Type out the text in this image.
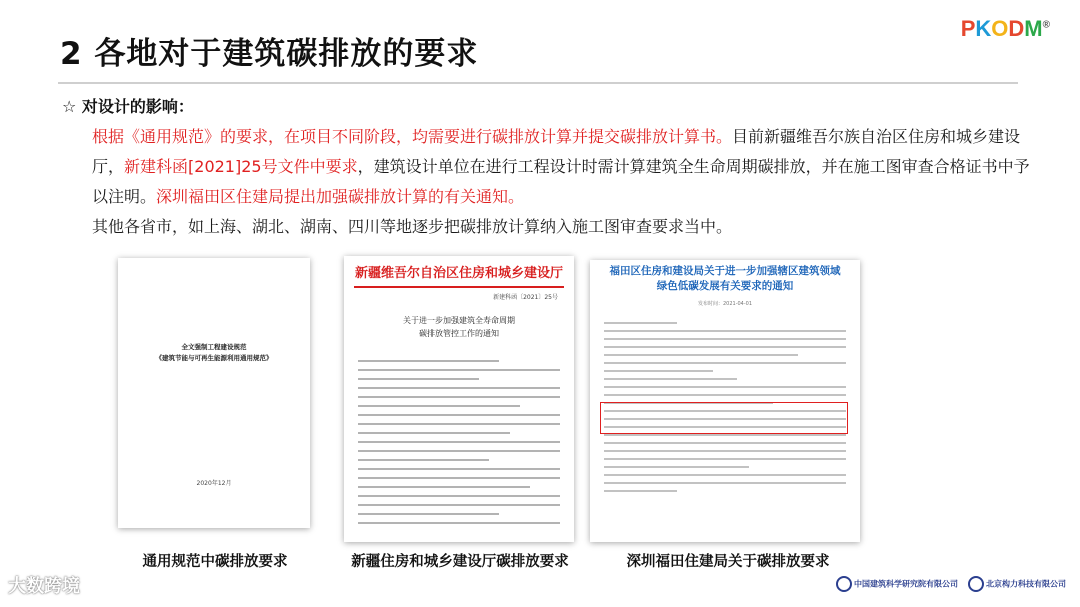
2 各地对于建筑碳排放的要求
PKODM®
☆ 对设计的影响：

根据《通用规范》的要求，在项目不同阶段，均需要进行碳排放计算并提交碳排放计算书。目前新疆维吾尔族自治区住房和城乡建设厅，新建科函[2021]25号文件中要求，建筑设计单位在进行工程设计时需计算建筑全生命周期碳排放，并在施工图审查合格证书中予以注明。深圳福田区住建局提出加强碳排放计算的有关通知。

其他各省市，如上海、湖北、湖南、四川等地逐步把碳排放计算纳入施工图审查要求当中。

全文强制工程建设规范
《建筑节能与可再生能源利用通用规范》
2020年12月
新疆维吾尔自治区住房和城乡建设厅
新建科函〔2021〕25号
关于进一步加强建筑全寿命周期
碳排放管控工作的通知
福田区住房和建设局关于进一步加强辖区建筑领域
绿色低碳发展有关要求的通知
发布时间：2021-04-01
通用规范中碳排放要求	新疆住房和城乡建设厅碳排放要求	深圳福田住建局关于碳排放要求
大数跨境	中国建筑科学研究院有限公司	北京构力科技有限公司
